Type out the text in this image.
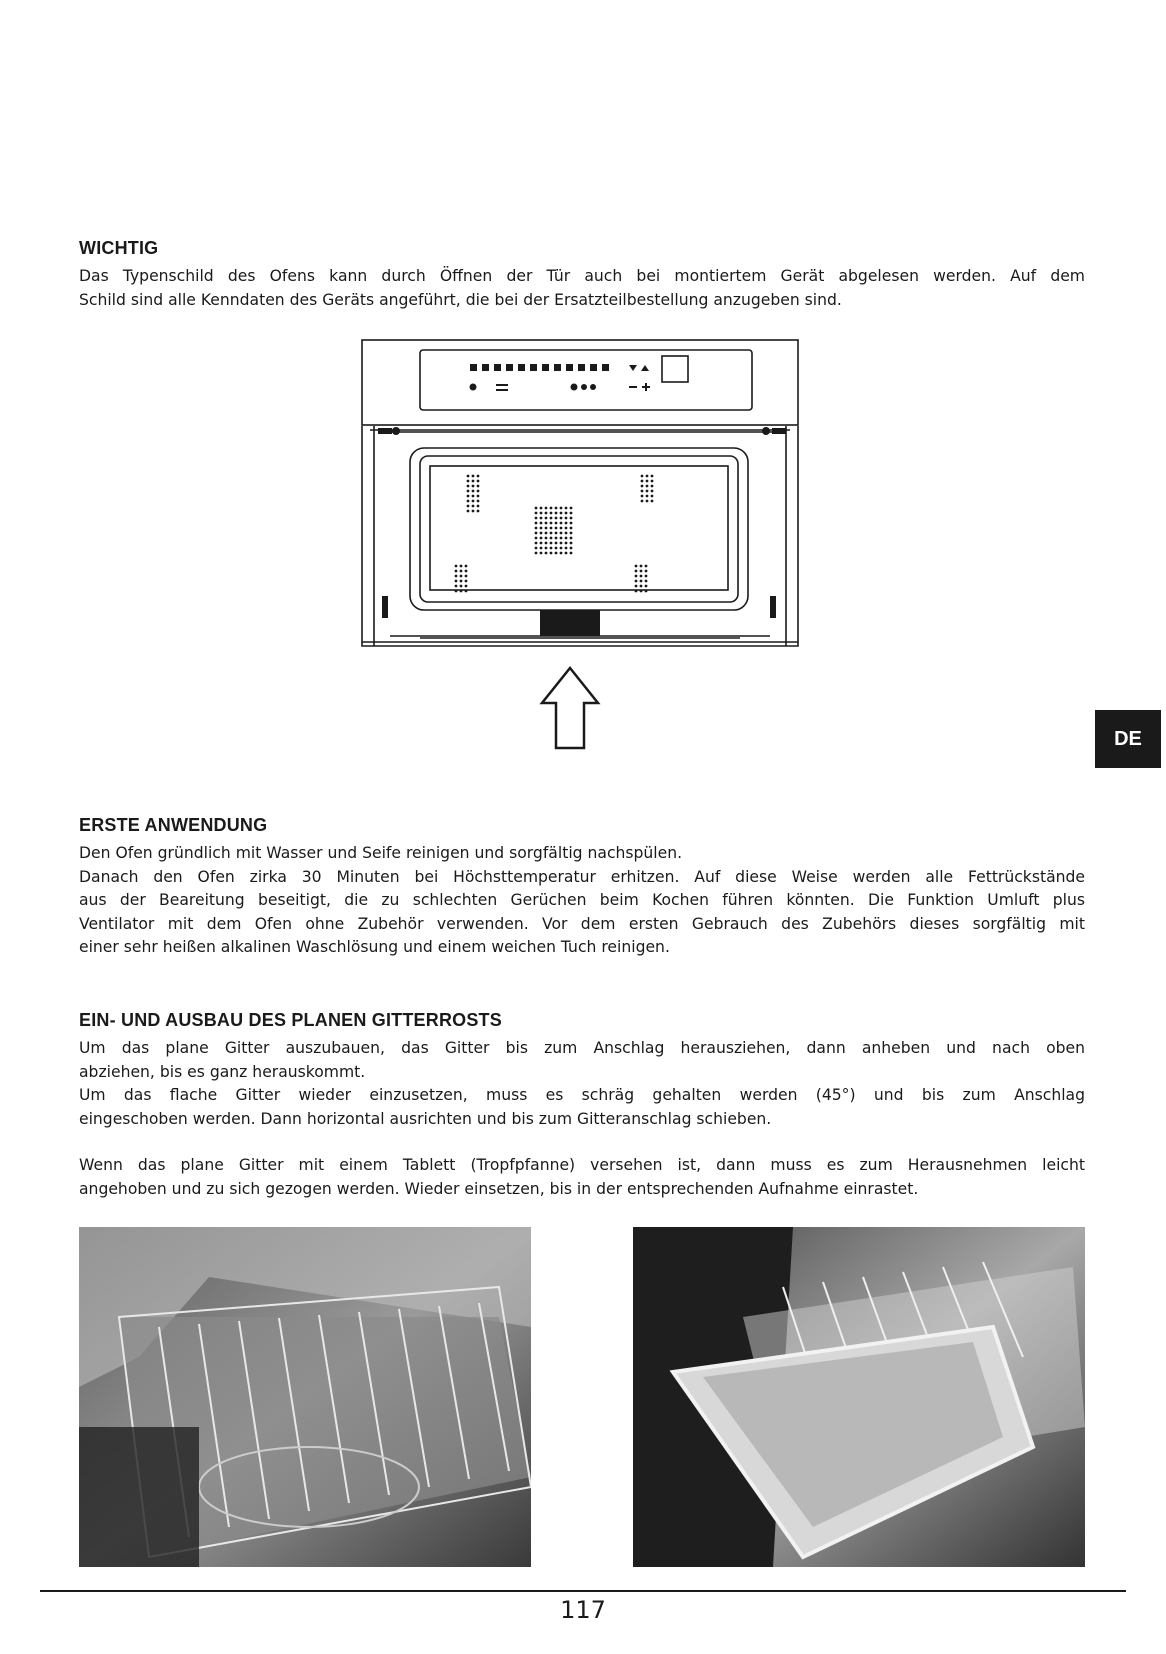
WICHTIG
Das Typenschild des Ofens kann durch Öffnen der Tür auch bei montiertem Gerät abgelesen werden. Auf dem
Schild sind alle Kenndaten des Geräts angeführt, die bei der Ersatzteilbestellung anzugeben sind.
DE
ERSTE ANWENDUNG
Den Ofen gründlich mit Wasser und Seife reinigen und sorgfältig nachspülen.
Danach den Ofen zirka 30 Minuten bei Höchsttemperatur erhitzen. Auf diese Weise werden alle Fettrückstände
aus der Beareitung beseitigt, die zu schlechten Gerüchen beim Kochen führen könnten. Die Funktion Umluft plus
Ventilator mit dem Ofen ohne Zubehör verwenden. Vor dem ersten Gebrauch des Zubehörs dieses sorgfältig mit
einer sehr heißen alkalinen Waschlösung und einem weichen Tuch reinigen.
EIN- UND AUSBAU DES PLANEN GITTERROSTS
Um das plane Gitter auszubauen, das Gitter bis zum Anschlag herausziehen, dann anheben und nach oben
abziehen, bis es ganz herauskommt.
Um das flache Gitter wieder einzusetzen, muss es schräg gehalten werden (45°) und bis zum Anschlag
eingeschoben werden. Dann horizontal ausrichten und bis zum Gitteranschlag schieben.
Wenn das plane Gitter mit einem Tablett (Tropfpfanne) versehen ist, dann muss es zum Herausnehmen leicht
angehoben und zu sich gezogen werden. Wieder einsetzen, bis in der entsprechenden Aufnahme einrastet.
117
